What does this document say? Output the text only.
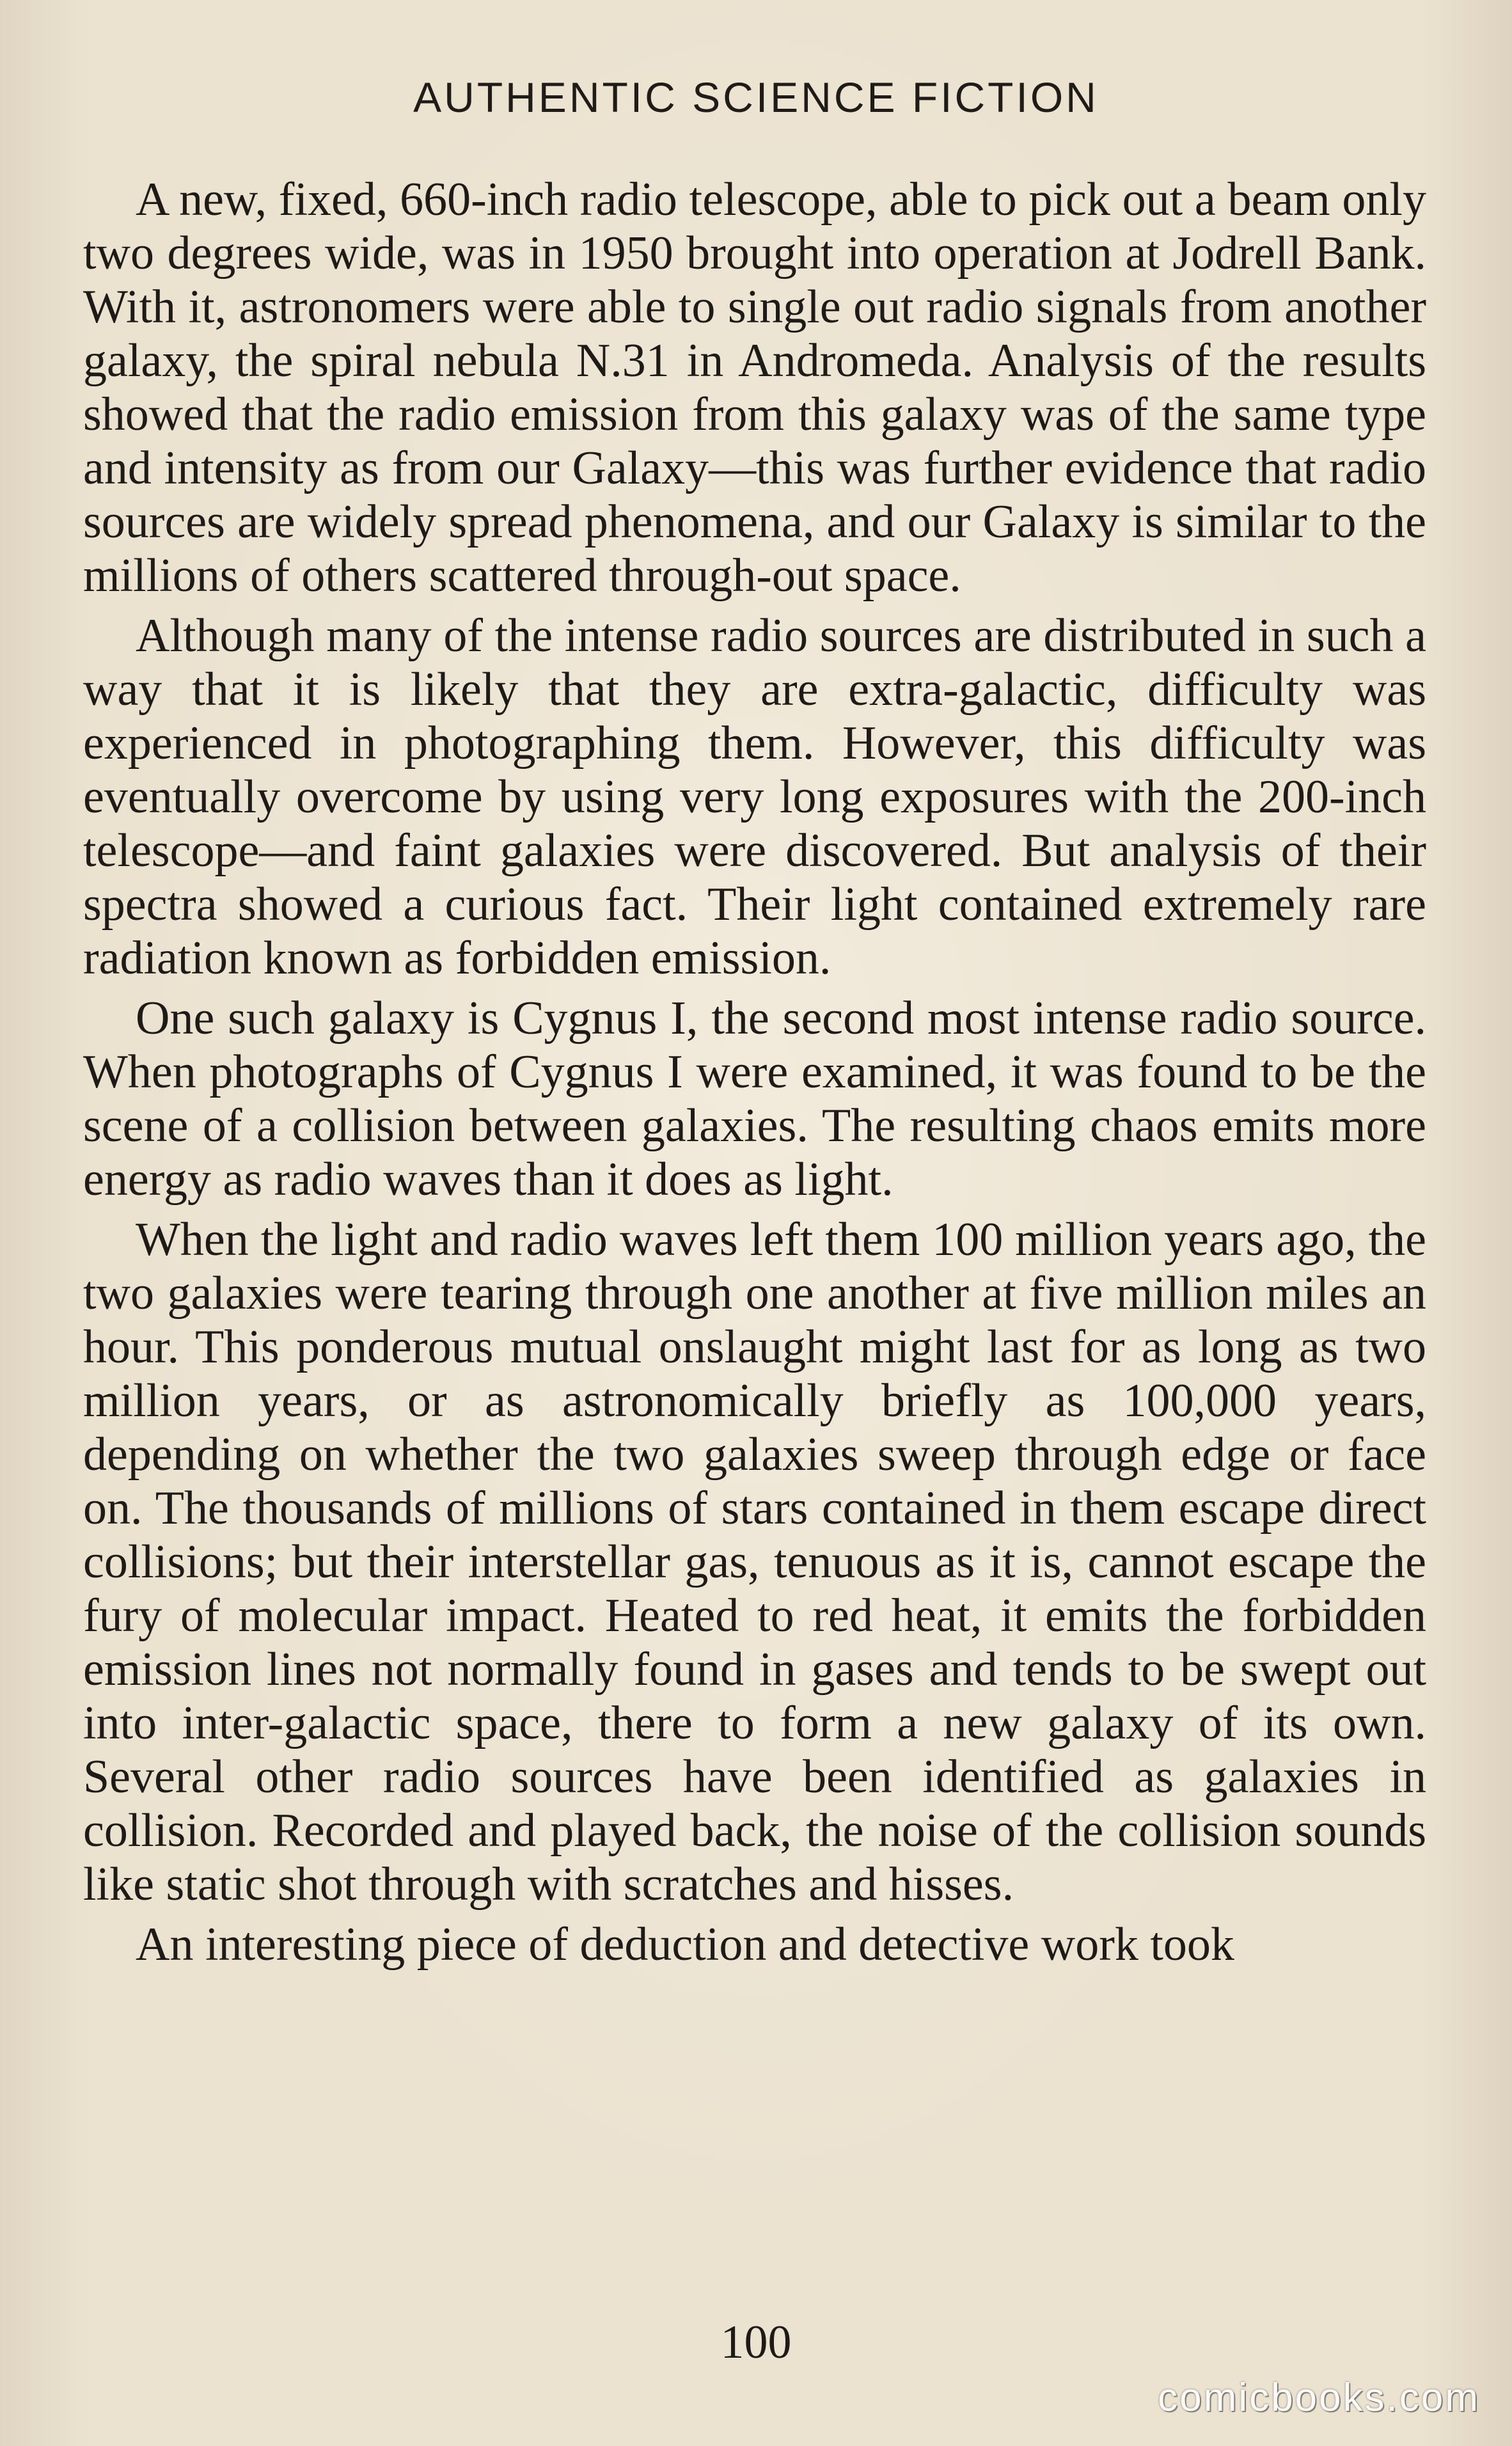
AUTHENTIC SCIENCE FICTION

A new, fixed, 660-inch radio telescope, able to pick out a beam only two degrees wide, was in 1950 brought into operation at Jodrell Bank. With it, astronomers were able to single out radio signals from another galaxy, the spiral nebula N.31 in Andromeda. Analysis of the results showed that the radio emission from this galaxy was of the same type and intensity as from our Galaxy—this was further evidence that radio sources are widely spread phenomena, and our Galaxy is similar to the millions of others scattered through-out space.

Although many of the intense radio sources are distributed in such a way that it is likely that they are extra-galactic, difficulty was experienced in photographing them. However, this difficulty was eventually overcome by using very long exposures with the 200-inch telescope—and faint galaxies were discovered. But analysis of their spectra showed a curious fact. Their light contained extremely rare radiation known as forbidden emission.

One such galaxy is Cygnus I, the second most intense radio source. When photographs of Cygnus I were examined, it was found to be the scene of a collision between galaxies. The resulting chaos emits more energy as radio waves than it does as light.

When the light and radio waves left them 100 million years ago, the two galaxies were tearing through one another at five million miles an hour. This ponderous mutual onslaught might last for as long as two million years, or as astronomically briefly as 100,000 years, depending on whether the two galaxies sweep through edge or face on. The thousands of millions of stars contained in them escape direct collisions; but their interstellar gas, tenuous as it is, cannot escape the fury of molecular impact. Heated to red heat, it emits the forbidden emission lines not normally found in gases and tends to be swept out into inter-galactic space, there to form a new galaxy of its own. Several other radio sources have been identified as galaxies in collision. Recorded and played back, the noise of the collision sounds like static shot through with scratches and hisses.

An interesting piece of deduction and detective work took

100
comicbooks.com
